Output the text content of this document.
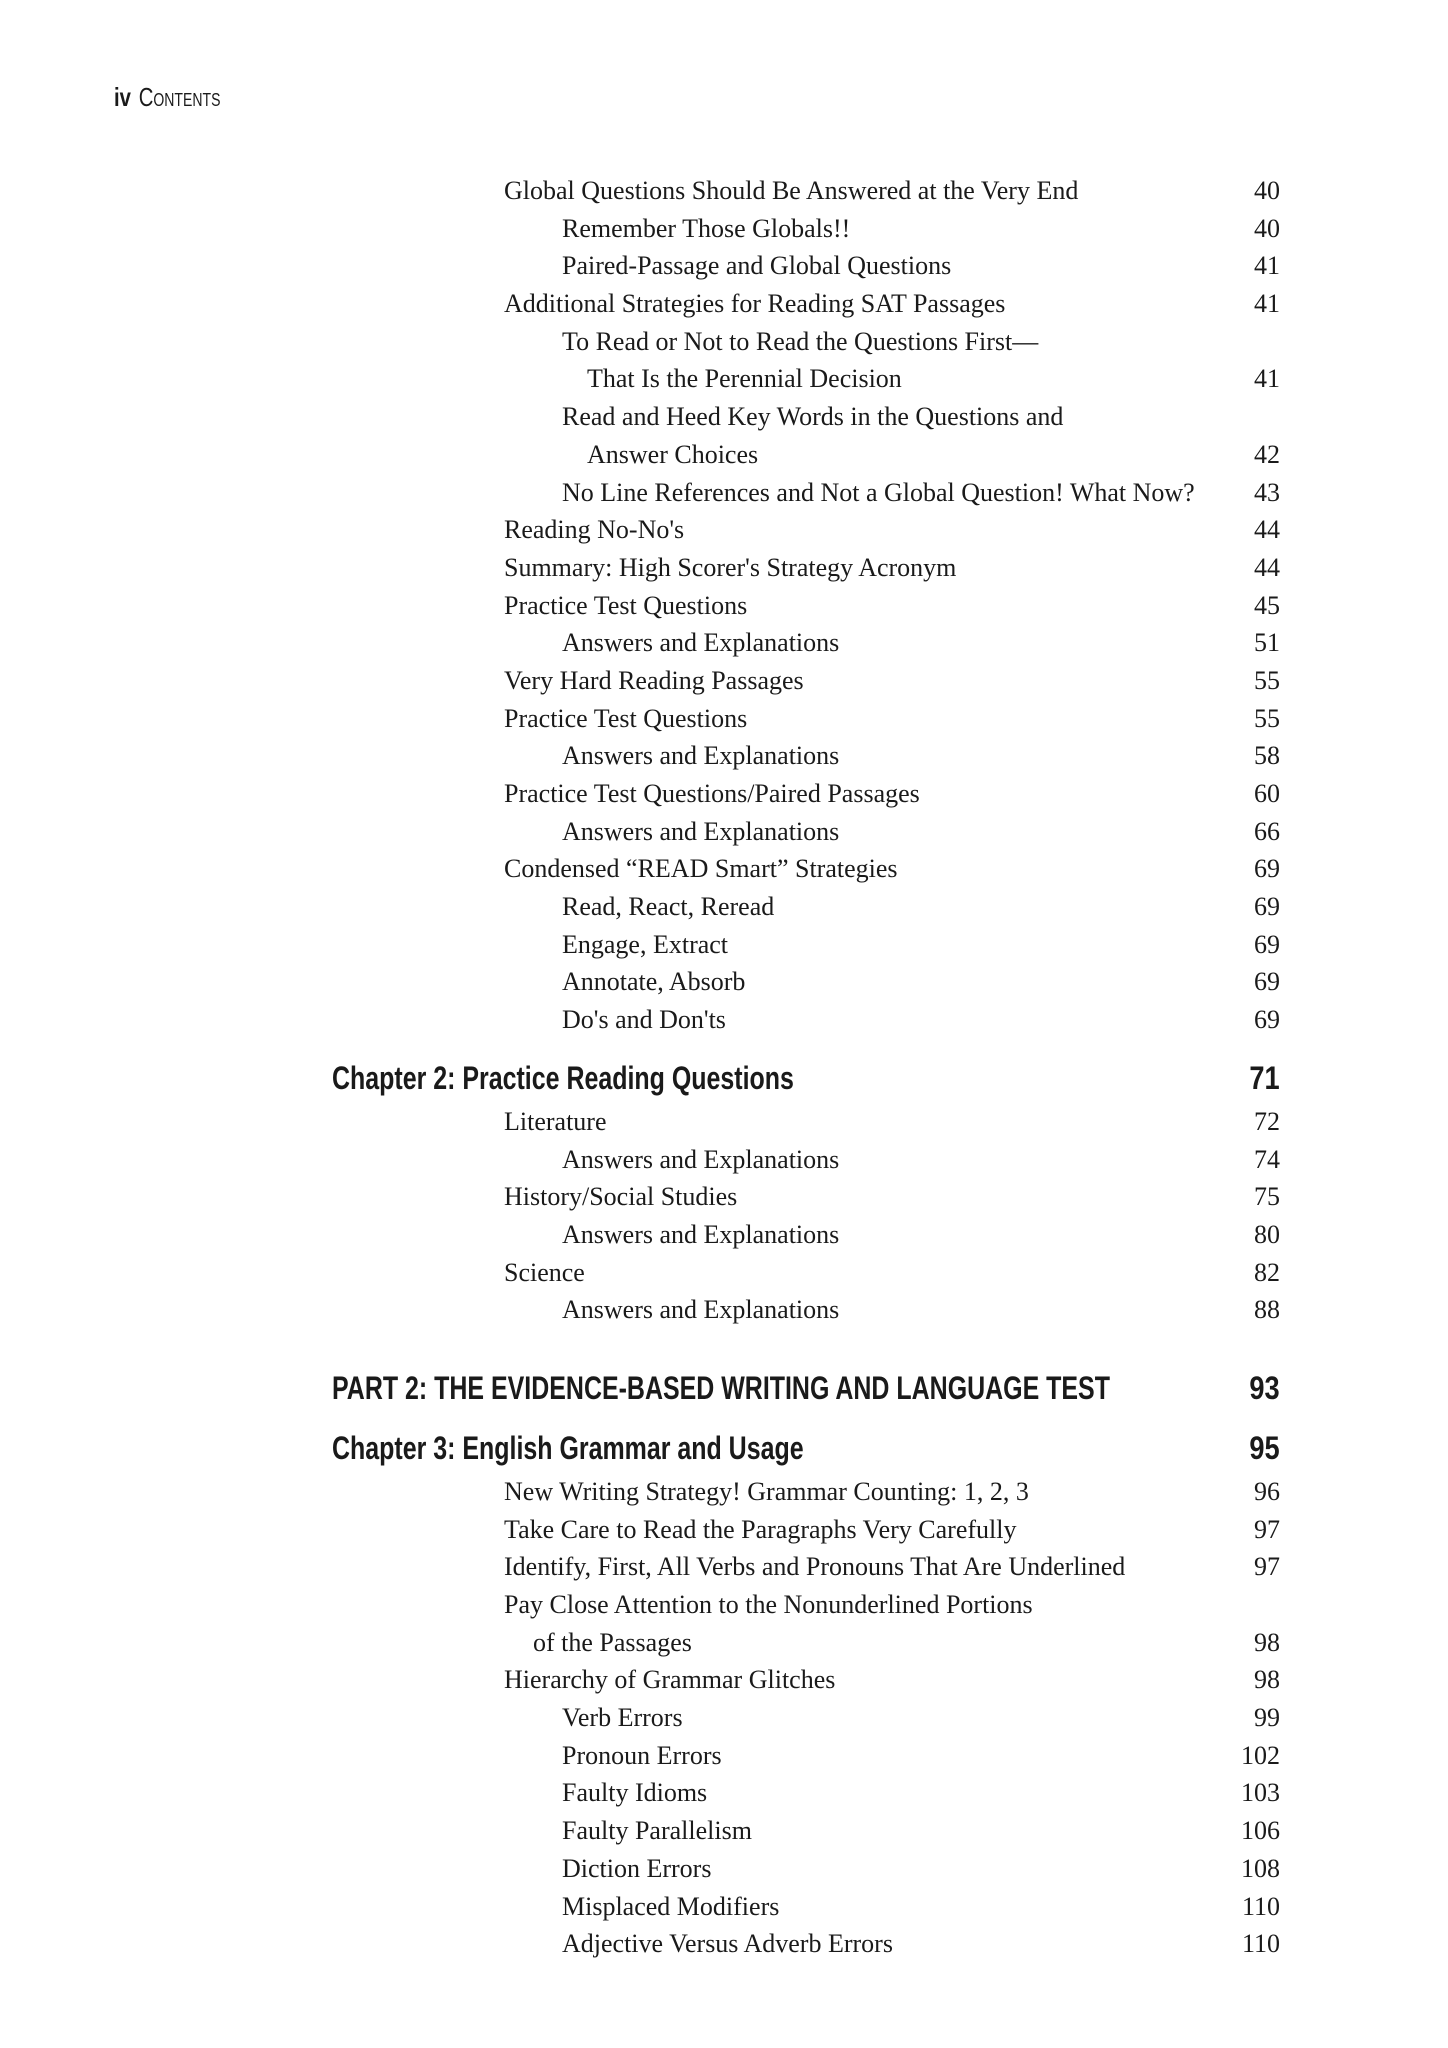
iv Contents
Global Questions Should Be Answered at the Very End	40
Remember Those Globals!!	40
Paired-Passage and Global Questions	41
Additional Strategies for Reading SAT Passages	41
To Read or Not to Read the Questions First—
That Is the Perennial Decision	41
Read and Heed Key Words in the Questions and
Answer Choices	42
No Line References and Not a Global Question! What Now? 43
Reading No-No's	44
Summary: High Scorer's Strategy Acronym	44
Practice Test Questions	45
Answers and Explanations	51
Very Hard Reading Passages	55
Practice Test Questions	55
Answers and Explanations	58
Practice Test Questions/Paired Passages	60
Answers and Explanations	66
Condensed “READ Smart” Strategies	69
Read, React, Reread	69
Engage, Extract	69
Annotate, Absorb	69
Do's and Don'ts	69
Chapter 2: Practice Reading Questions	71
Literature	72
Answers and Explanations	74
History/Social Studies	75
Answers and Explanations	80
Science	82
Answers and Explanations	88
PART 2: THE EVIDENCE-BASED WRITING AND LANGUAGE TEST	93
Chapter 3: English Grammar and Usage	95
New Writing Strategy! Grammar Counting: 1, 2, 3	96
Take Care to Read the Paragraphs Very Carefully	97
Identify, First, All Verbs and Pronouns That Are Underlined	97
Pay Close Attention to the Nonunderlined Portions
of the Passages	98
Hierarchy of Grammar Glitches	98
Verb Errors	99
Pronoun Errors	102
Faulty Idioms	103
Faulty Parallelism	106
Diction Errors	108
Misplaced Modifiers	110
Adjective Versus Adverb Errors	110
